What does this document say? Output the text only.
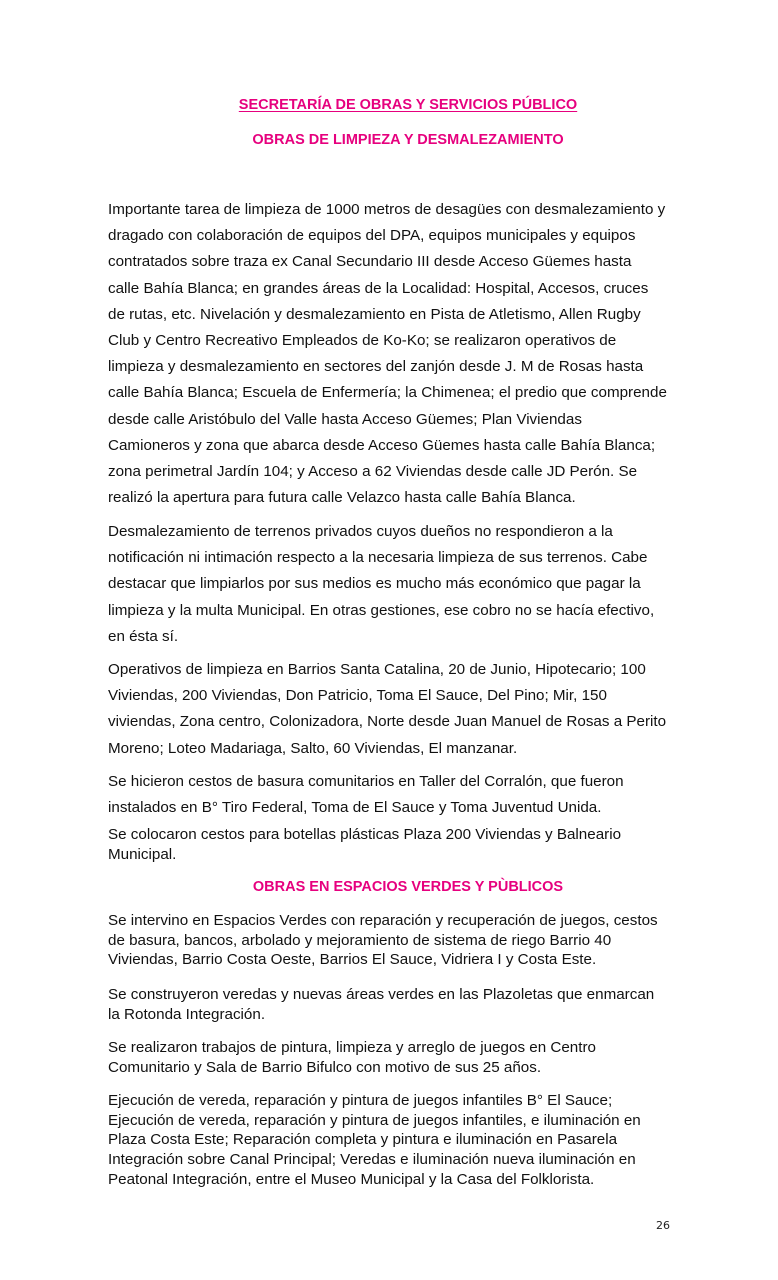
SECRETARÍA DE OBRAS Y SERVICIOS PÚBLICO
OBRAS DE LIMPIEZA Y DESMALEZAMIENTO

Importante tarea de limpieza de 1000 metros de desagües con desmalezamiento y
dragado con colaboración de equipos del DPA, equipos municipales y equipos
contratados sobre traza ex Canal Secundario III desde Acceso Güemes hasta
calle Bahía Blanca; en grandes áreas de la Localidad: Hospital, Accesos, cruces
de rutas, etc. Nivelación y desmalezamiento en Pista de Atletismo, Allen Rugby
Club y Centro Recreativo Empleados de Ko-Ko; se realizaron operativos de
limpieza y desmalezamiento en sectores del zanjón desde J. M de Rosas hasta
calle Bahía Blanca; Escuela de Enfermería; la Chimenea; el predio que comprende
desde calle Aristóbulo del Valle hasta Acceso Güemes; Plan Viviendas
Camioneros y zona que abarca desde Acceso Güemes hasta calle Bahía Blanca;
zona perimetral Jardín 104; y Acceso a 62 Viviendas desde calle JD Perón. Se
realizó la apertura para futura calle Velazco hasta calle Bahía Blanca.

Desmalezamiento de terrenos privados cuyos dueños no respondieron a la
notificación ni intimación respecto a la necesaria limpieza de sus terrenos. Cabe
destacar que limpiarlos por sus medios es mucho más económico que pagar la
limpieza y la multa Municipal. En otras gestiones, ese cobro no se hacía efectivo,
en ésta sí.

Operativos de limpieza en Barrios Santa Catalina, 20 de Junio, Hipotecario; 100
Viviendas, 200 Viviendas, Don Patricio, Toma El Sauce, Del Pino; Mir, 150
viviendas, Zona centro, Colonizadora, Norte desde Juan Manuel de Rosas a Perito
Moreno; Loteo Madariaga, Salto, 60 Viviendas, El manzanar.

Se hicieron cestos de basura comunitarios en Taller del Corralón, que fueron
instalados en B° Tiro Federal, Toma de El Sauce y Toma Juventud Unida.

Se colocaron cestos para botellas plásticas Plaza 200 Viviendas y Balneario
Municipal.

OBRAS EN ESPACIOS VERDES Y PÙBLICOS

Se intervino en Espacios Verdes con reparación y recuperación de juegos, cestos
de basura, bancos, arbolado y mejoramiento de sistema de riego Barrio 40
Viviendas, Barrio Costa Oeste, Barrios El Sauce, Vidriera I y Costa Este.

Se construyeron veredas y nuevas áreas verdes en las Plazoletas que enmarcan
la Rotonda Integración.

Se realizaron trabajos de pintura, limpieza y arreglo de juegos en Centro
Comunitario y Sala de Barrio Bifulco con motivo de sus 25 años.

Ejecución de vereda, reparación y pintura de juegos infantiles B° El Sauce;
Ejecución de vereda, reparación y pintura de juegos infantiles, e iluminación en
Plaza Costa Este; Reparación completa y pintura e iluminación en Pasarela
Integración sobre Canal Principal; Veredas e iluminación nueva iluminación en
Peatonal Integración, entre el Museo Municipal y la Casa del Folklorista.

26
